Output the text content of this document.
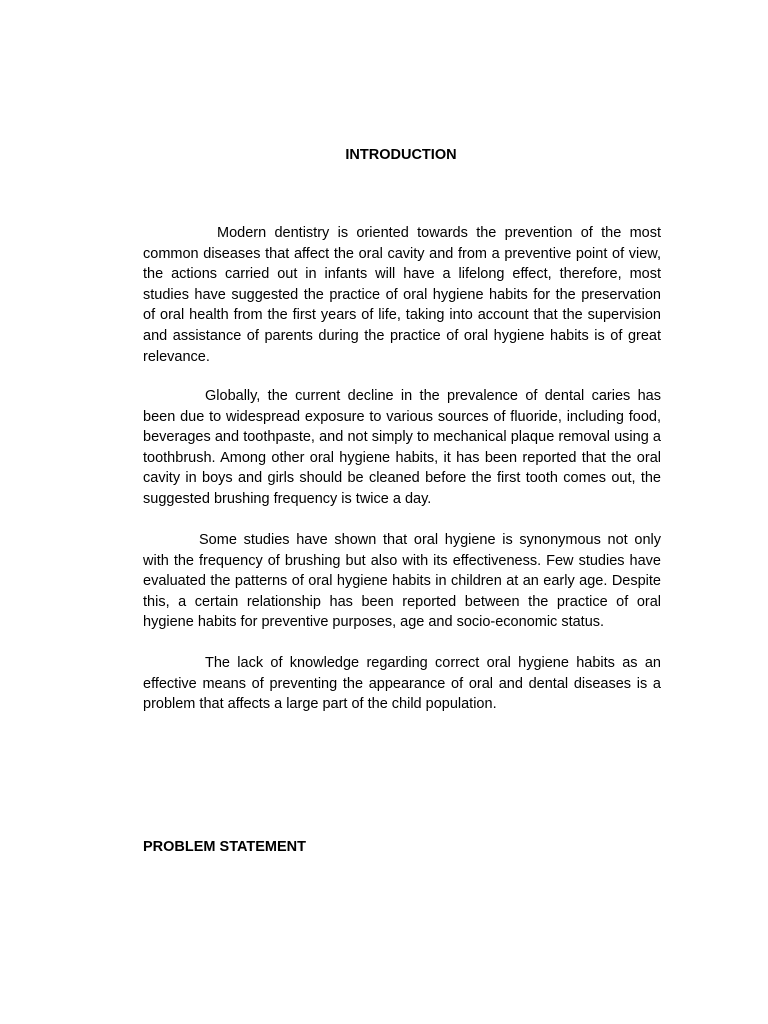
INTRODUCTION

Modern dentistry is oriented towards the prevention of the most common diseases that affect the oral cavity and from a preventive point of view, the actions carried out in infants will have a lifelong effect, therefore, most studies have suggested the practice of oral hygiene habits for the preservation of oral health from the first years of life, taking into account that the supervision and assistance of parents during the practice of oral hygiene habits is of great relevance.

Globally, the current decline in the prevalence of dental caries has been due to widespread exposure to various sources of fluoride, including food, beverages and toothpaste, and not simply to mechanical plaque removal using a toothbrush. Among other oral hygiene habits, it has been reported that the oral cavity in boys and girls should be cleaned before the first tooth comes out, the suggested brushing frequency is twice a day.

Some studies have shown that oral hygiene is synonymous not only with the frequency of brushing but also with its effectiveness. Few studies have evaluated the patterns of oral hygiene habits in children at an early age. Despite this, a certain relationship has been reported between the practice of oral hygiene habits for preventive purposes, age and socio-economic status.

The lack of knowledge regarding correct oral hygiene habits as an effective means of preventing the appearance of oral and dental diseases is a problem that affects a large part of the child population.

PROBLEM STATEMENT
